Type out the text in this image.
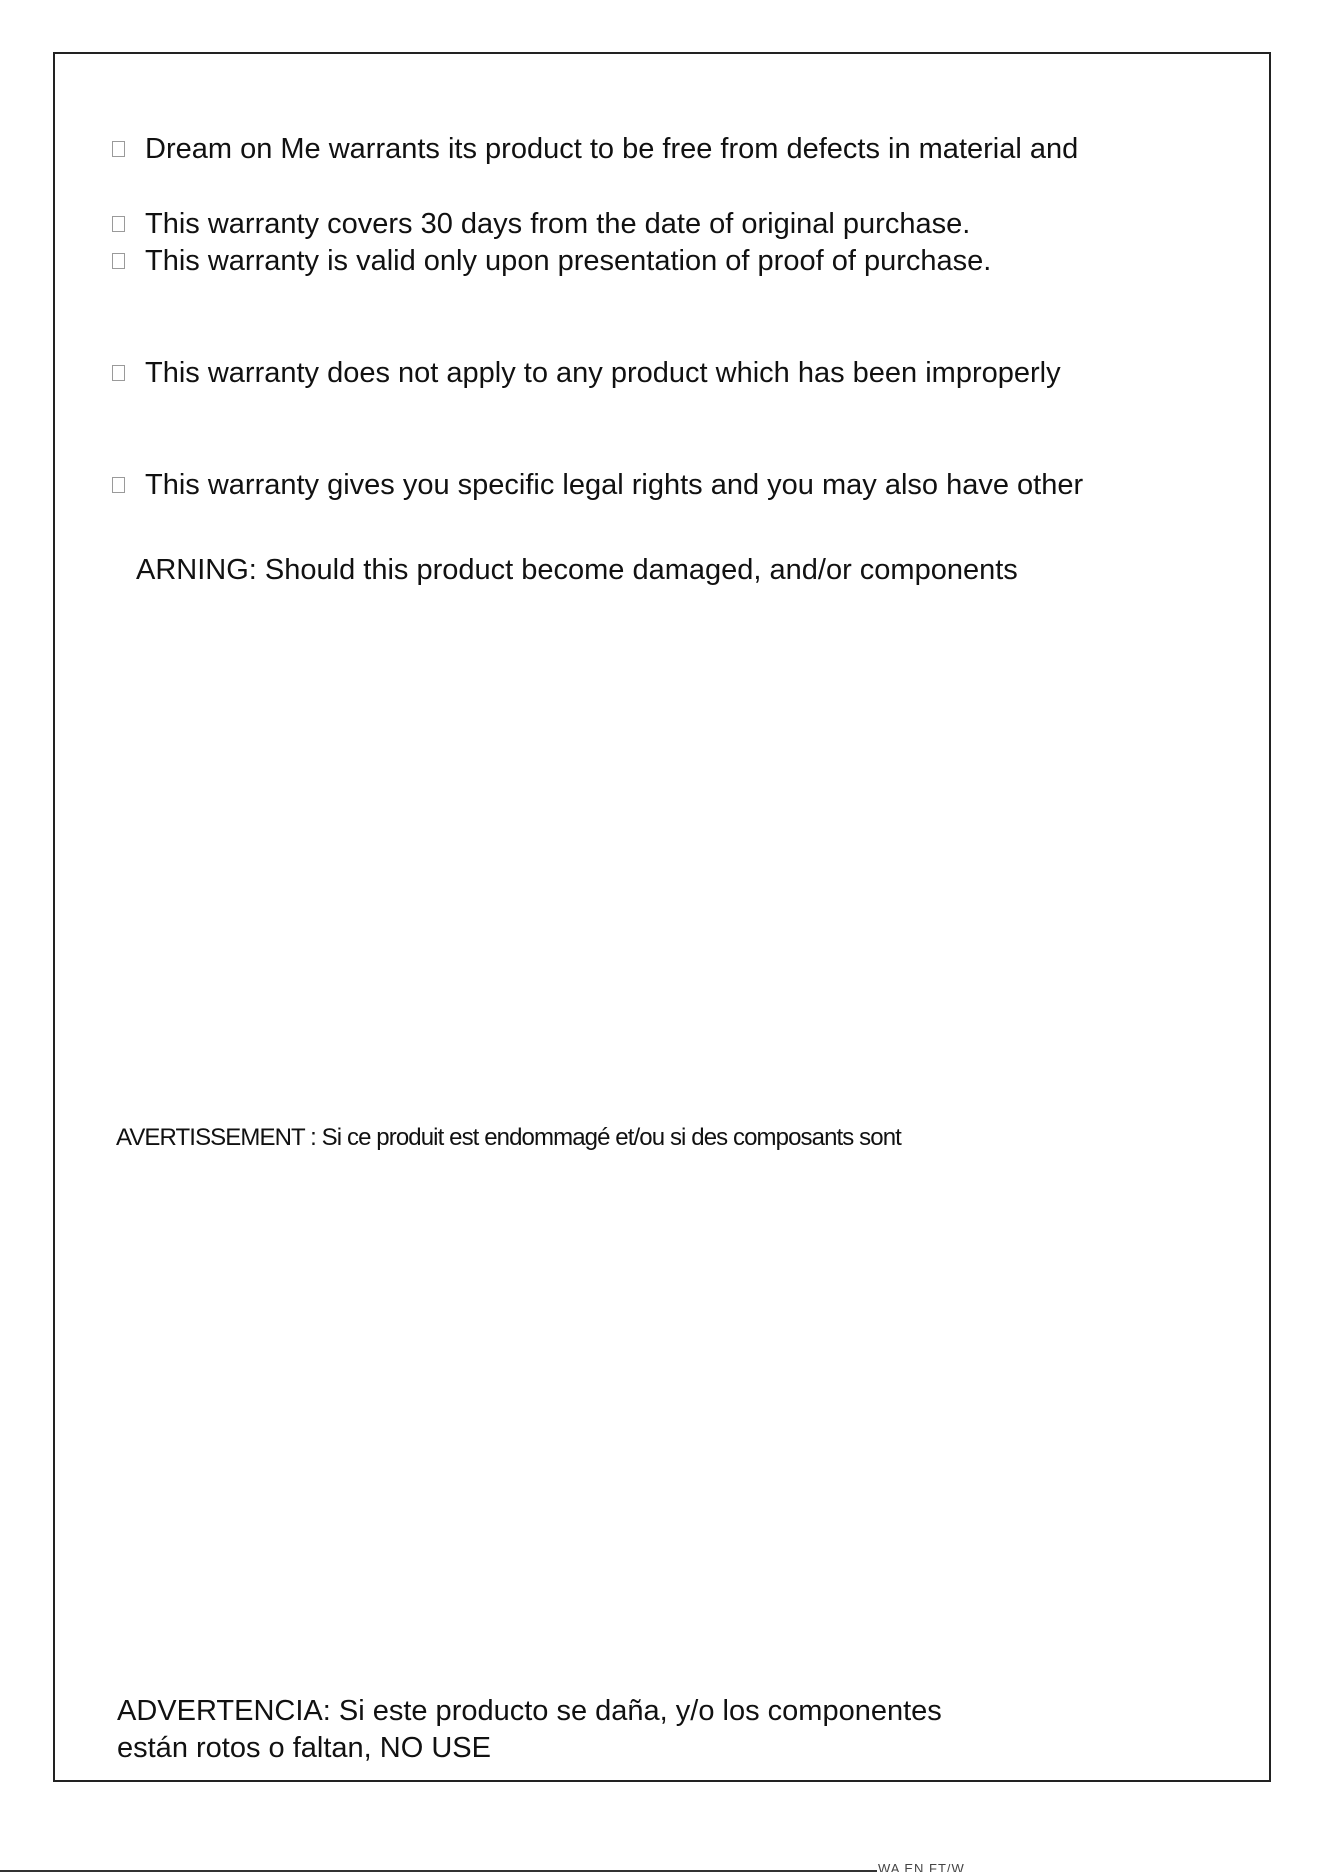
Dream on Me warrants its product to be free from defects in material and
This warranty covers 30 days from the date of original purchase.
This warranty is valid only upon presentation of proof of purchase.
This warranty does not apply to any product which has been improperly
This warranty gives you specific legal rights and you may also have other
ARNING: Should this product become damaged, and/or components
AVERTISSEMENT : Si ce produit est endommagé et/ou si des composants sont
ADVERTENCIA: Si este producto se daña, y/o los componentes
están rotos o faltan, NO USE
WA EN FT/W
